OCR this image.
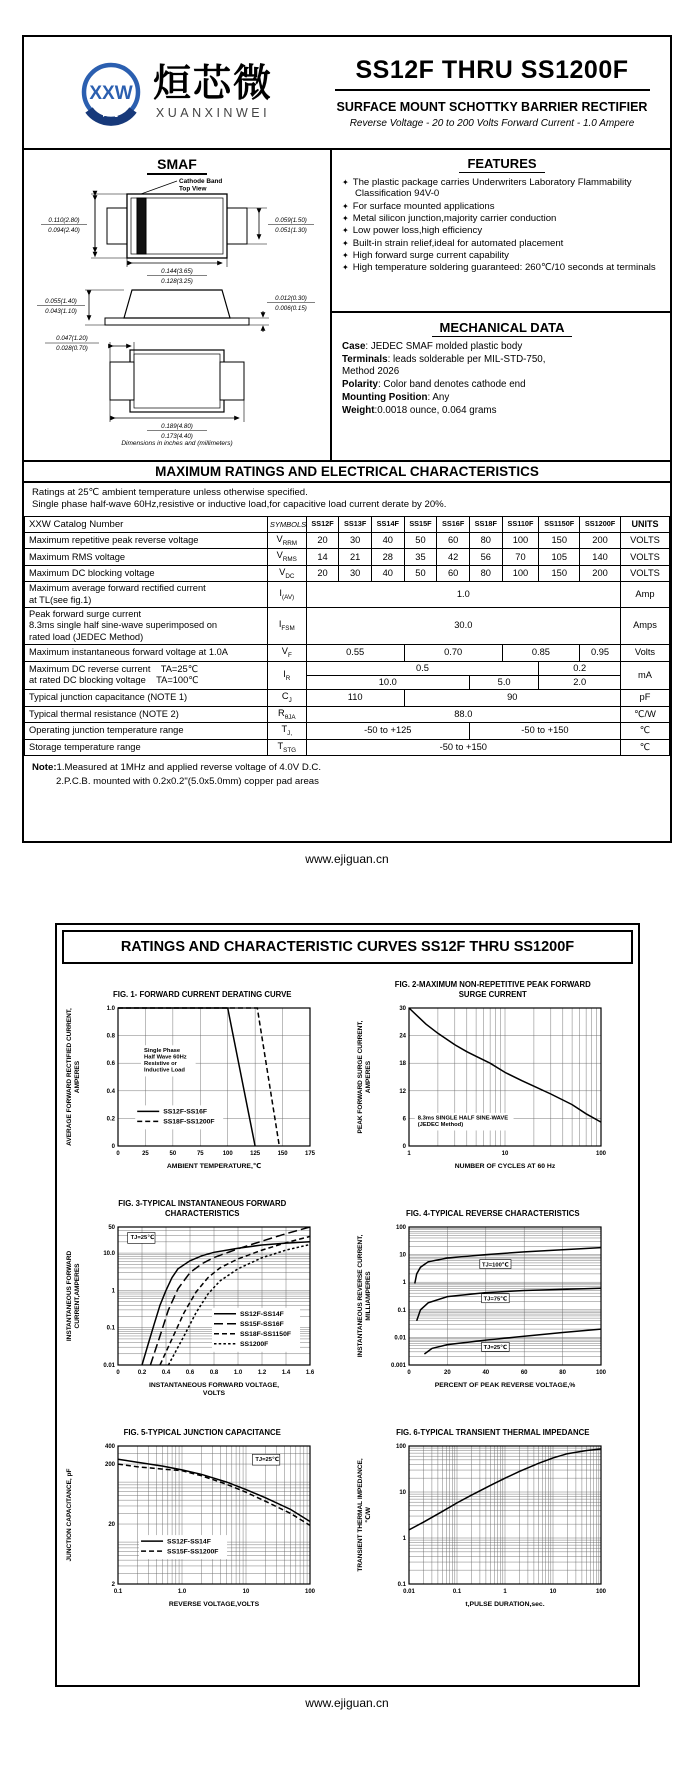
XXW 烜芯微
XUANXINWEI
SS12F THRU SS1200F
SURFACE MOUNT SCHOTTKY BARRIER RECTIFIER
Reverse Voltage - 20 to 200 Volts Forward Current - 1.0 Ampere
SMAF
Cathode Band
Top View
0.110(2.80)
0.094(2.40)
0.059(1.50)
0.051(1.30)
0.144(3.65)
0.128(3.25)
0.055(1.40)
0.043(1.10)
0.012(0.30)
0.006(0.15)
0.047(1.20)
0.028(0.70)
0.189(4.80)
0.173(4.40)
Dimensions in inches and (millimeters)
FEATURES
✦ The plastic package carries Underwriters Laboratory Flammability Classification 94V-0
✦ For surface mounted applications
✦ Metal silicon junction,majority carrier conduction
✦ Low power loss,high efficiency
✦ Built-in strain relief,ideal for automated placement
✦ High forward surge current capability
✦ High temperature soldering guaranteed: 260℃/10 seconds at terminals
MECHANICAL DATA
Case: JEDEC SMAF molded plastic body
Terminals: leads solderable per MIL-STD-750,
Method 2026
Polarity: Color band denotes cathode end
Mounting Position: Any
Weight:0.0018 ounce, 0.064 grams
MAXIMUM RATINGS AND ELECTRICAL CHARACTERISTICS
Ratings at 25℃ ambient temperature unless otherwise specified.
Single phase half-wave 60Hz,resistive or inductive load,for capacitive load current derate by 20%.
XXW Catalog Number	SYMBOLS	SS12F	SS13F	SS14F	SS15F	SS16F	SS18F	SS110F	SS1150F	SS1200F	UNITS

Maximum repetitive peak reverse voltage	$V_{RRM}$	20	30	40	50	60	80	100	150	200	VOLTS

Maximum RMS voltage	$V_{RMS}$	14	21	28	35	42	56	70	105	140	VOLTS

Maximum DC blocking voltage	$V_{DC}$	20	30	40	50	60	80	100	150	200	VOLTS

Maximum average forward rectified current
at TL(see fig.1)	$I_{(AV)}$	1.0									Amp

Peak forward surge current
8.3ms single half sine-wave superimposed on
rated load (JEDEC Method)	$I_{FSM}$	30.0									Amps

Maximum instantaneous forward voltage at 1.0A	$V_F$	0.55			0.70			0.85		0.95	Volts

Maximum DC reverse current    TA=25℃
at rated DC blocking voltage    TA=100℃	$I_R$	0.5							0.2		mA
		10.0					5.0		2.0		

Typical junction capacitance (NOTE 1)	$C_J$	110			90						pF

Typical thermal resistance (NOTE 2)	$R_{\theta JA}$	88.0									℃/W

Operating junction temperature range	$T_{J,}$	-50 to +125					-50 to +150				℃

Storage temperature range	$T_{STG}$	-50 to +150									℃
Note:1.Measured at 1MHz and applied reverse voltage of 4.0V D.C.
2.P.C.B. mounted with 0.2x0.2"(5.0x5.0mm) copper pad areas
www.ejiguan.cn
RATINGS AND CHARACTERISTIC CURVES SS12F THRU SS1200F
FIG. 1- FORWARD CURRENT DERATING CURVE
0	25	50	75	100	125	150	175
0
0.2
0.4
0.6
0.8
1.0
Single Phase
Half Wave 60Hz
Resistive or
Inductive Load
SS12F-SS16F
SS18F-SS1200F
AVERAGE FORWARD RECTIFIED CURRENT, AMPERES
AMBIENT TEMPERATURE,℃
FIG. 2-MAXIMUM NON-REPETITIVE PEAK FORWARD
SURGE CURRENT
1	10	100
0
6
12
18
24
30
8.3ms SINGLE HALF SINE-WAVE
(JEDEC Method)
PEAK FORWARD SURGE CURRENT, AMPERES
NUMBER OF CYCLES AT 60 Hz
FIG. 3-TYPICAL INSTANTANEOUS FORWARD
CHARACTERISTICS
0	0.2	0.4	0.6	0.8	1.0	1.2	1.4	1.6
0.01
0.1
1
10.0
50
TJ=25℃
SS12F-SS14F
SS15F-SS16F
SS18F-SS1150F
SS1200F
INSTANTANEOUS FORWARD CURRENT,AMPERES
INSTANTANEOUS FORWARD VOLTAGE,
VOLTS
FIG. 4-TYPICAL REVERSE CHARACTERISTICS
0	20	40	60	80	100
100
10
1
0.1
0.01
0.001
TJ=100℃
TJ=75℃
TJ=25℃
INSTANTANEOUS REVERSE CURRENT, MILLIAMPERES
PERCENT OF PEAK REVERSE VOLTAGE,%
FIG. 5-TYPICAL JUNCTION CAPACITANCE
0.1	1.0	10	100
2
20
200
400
TJ=25℃
SS12F-SS14F
SS15F-SS1200F
JUNCTION CAPACITANCE, pF
REVERSE VOLTAGE,VOLTS
FIG. 6-TYPICAL TRANSIENT THERMAL IMPEDANCE
0.01	0.1	1	10	100
0.1
1
10
100
TRANSIENT THERMAL IMPEDANCE, ℃/W
t,PULSE DURATION,sec.
www.ejiguan.cn
